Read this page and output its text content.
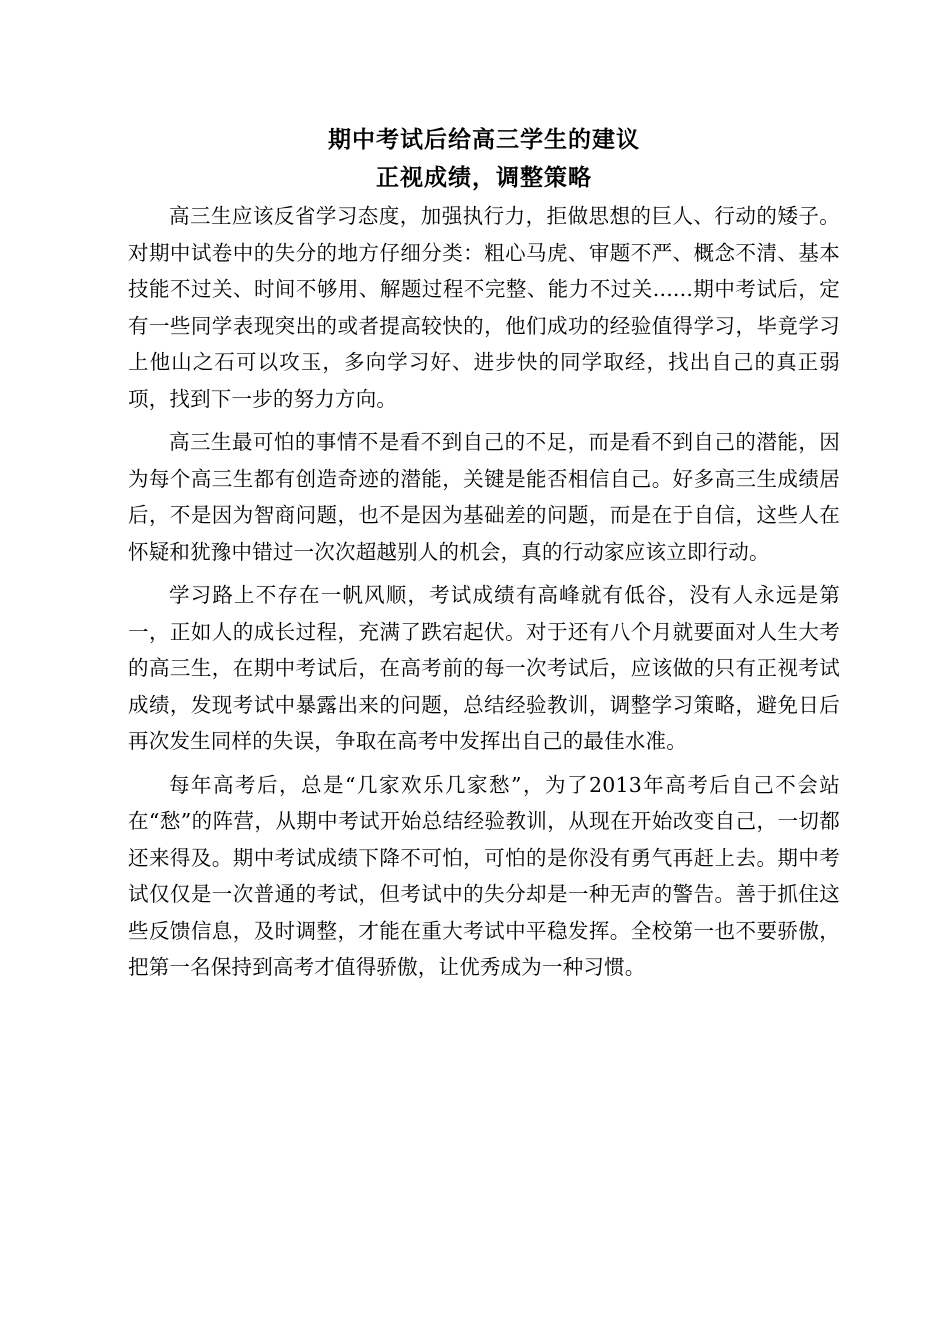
期中考试后给高三学生的建议
正视成绩，调整策略

高三生应该反省学习态度，加强执行力，拒做思想的巨人、行动的矮子。对期中试卷中的失分的地方仔细分类：粗心马虎、审题不严、概念不清、基本技能不过关、时间不够用、解题过程不完整、能力不过关......期中考试后，定有一些同学表现突出的或者提高较快的，他们成功的经验值得学习，毕竟学习上他山之石可以攻玉，多向学习好、进步快的同学取经，找出自己的真正弱项，找到下一步的努力方向。

高三生最可怕的事情不是看不到自己的不足，而是看不到自己的潜能，因为每个高三生都有创造奇迹的潜能，关键是能否相信自己。好多高三生成绩居后，不是因为智商问题，也不是因为基础差的问题，而是在于自信，这些人在怀疑和犹豫中错过一次次超越别人的机会，真的行动家应该立即行动。

学习路上不存在一帆风顺，考试成绩有高峰就有低谷，没有人永远是第一，正如人的成长过程，充满了跌宕起伏。对于还有八个月就要面对人生大考的高三生，在期中考试后，在高考前的每一次考试后，应该做的只有正视考试成绩，发现考试中暴露出来的问题，总结经验教训，调整学习策略，避免日后再次发生同样的失误，争取在高考中发挥出自己的最佳水准。

每年高考后，总是“几家欢乐几家愁”，为了2013年高考后自己不会站在“愁”的阵营，从期中考试开始总结经验教训，从现在开始改变自己，一切都还来得及。期中考试成绩下降不可怕，可怕的是你没有勇气再赶上去。期中考试仅仅是一次普通的考试，但考试中的失分却是一种无声的警告。善于抓住这些反馈信息，及时调整，才能在重大考试中平稳发挥。全校第一也不要骄傲，把第一名保持到高考才值得骄傲，让优秀成为一种习惯。
